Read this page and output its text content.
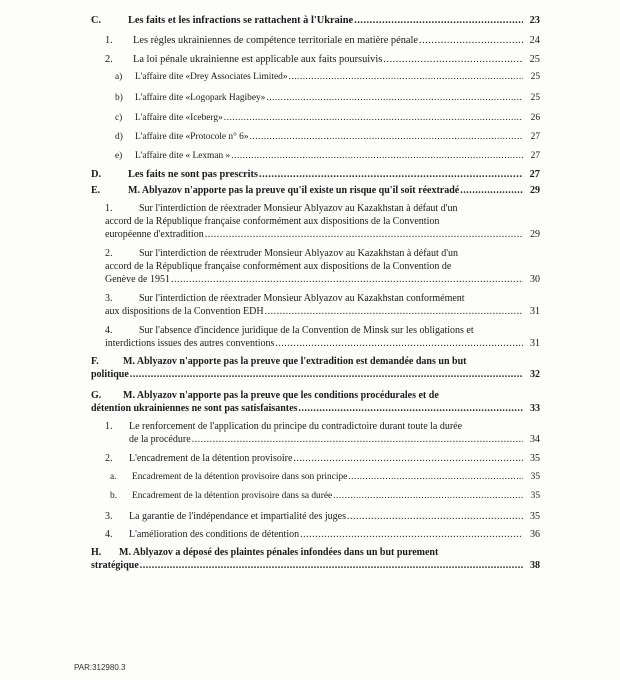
C.	Les faits et les infractions se rattachent à l'Ukraine .....	23
1. Les règles ukrainiennes de compétence territoriale en matière pénale .....	24
2. La loi pénale ukrainienne est applicable aux faits poursuivis .....	25
a) L'affaire dite «Drey Associates Limited» .....	25
b) L'affaire dite «Logopark Hagibey» .....	25
c) L'affaire dite «Iceberg» .....	26
d) L'affaire dite «Protocole n° 6» .....	27
e) L'affaire dite « Lexman » .....	27
D.	Les faits ne sont pas prescrits .....	27
E.	M. Ablyazov n'apporte pas la preuve qu'il existe un risque qu'il soit réextradé .....	29
1.	Sur l'interdiction de réextrader Monsieur Ablyazov au Kazakhstan à défaut d'un
accord de la République française conformément aux dispositions de la Convention
européenne d'extradition .....	29
2.	Sur l'interdiction de réextruder Monsieur Ablyazov au Kazakhstan à défaut d'un
accord de la République française conformément aux dispositions de la Convention de
Genève de 1951 .....	30
3.	Sur l'interdiction de réextrader Monsieur Ablyazov au Kazakhstan conformément
aux dispositions de la Convention EDH .....	31
4.	Sur l'absence d'incidence juridique de la Convention de Minsk sur les obligations et
interdictions issues des autres conventions .....	31
F. M. Ablyazov n'apporte pas la preuve que l'extradition est demandée dans un but
politique .....	32
G. M. Ablyazov n'apporte pas la preuve que les conditions procédurales et de
détention ukrainiennes ne sont pas satisfaisantes .....	33
1. Le renforcement de l'application du principe du contradictoire durant toute la durée
de la procédure .....	34
2. L'encadrement de la détention provisoire .....	35
a. Encadrement de la détention provisoire dans son principe .....	35
b. Encadrement de la détention provisoire dans sa durée .....	35
3. La garantie de l'indépendance et impartialité des juges .....	35
4. L'amélioration des conditions de détention .....	36
H. M. Ablyazov a déposé des plaintes pénales infondées dans un but purement
stratégique .....	38
PAR:312980.3
